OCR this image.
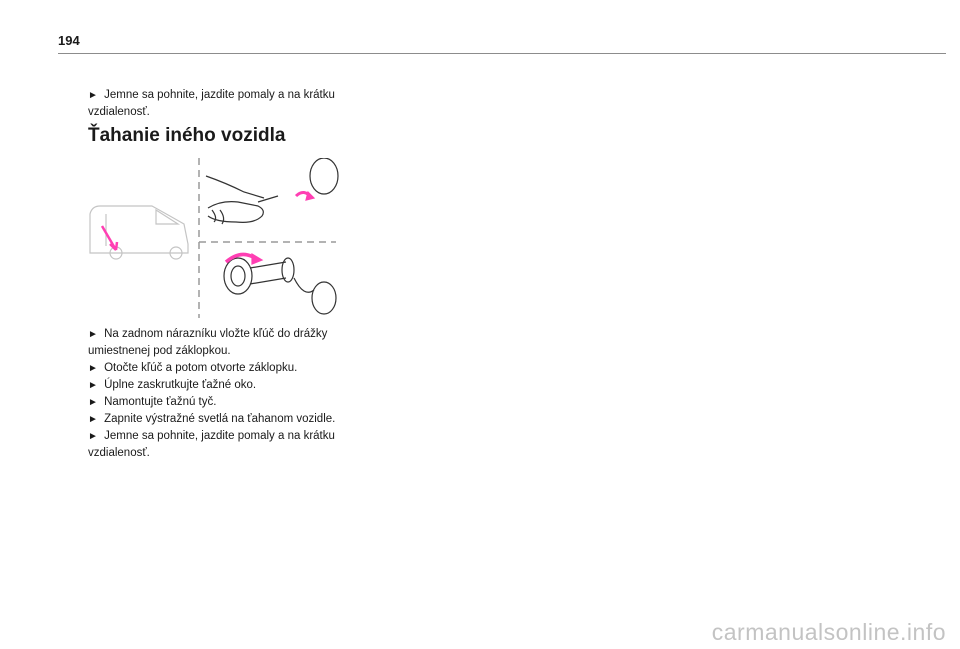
194

► Jemne sa pohnite, jazdite pomaly a na krátku vzdialenosť.

Ťahanie iného vozidla

► Na zadnom nárazníku vložte kľúč do drážky umiestnenej pod záklopkou.

► Otočte kľúč a potom otvorte záklopku.

► Úplne zaskrutkujte ťažné oko.

► Namontujte ťažnú tyč.

► Zapnite výstražné svetlá na ťahanom vozidle.

► Jemne sa pohnite, jazdite pomaly a na krátku vzdialenosť.

carmanualsonline.info
